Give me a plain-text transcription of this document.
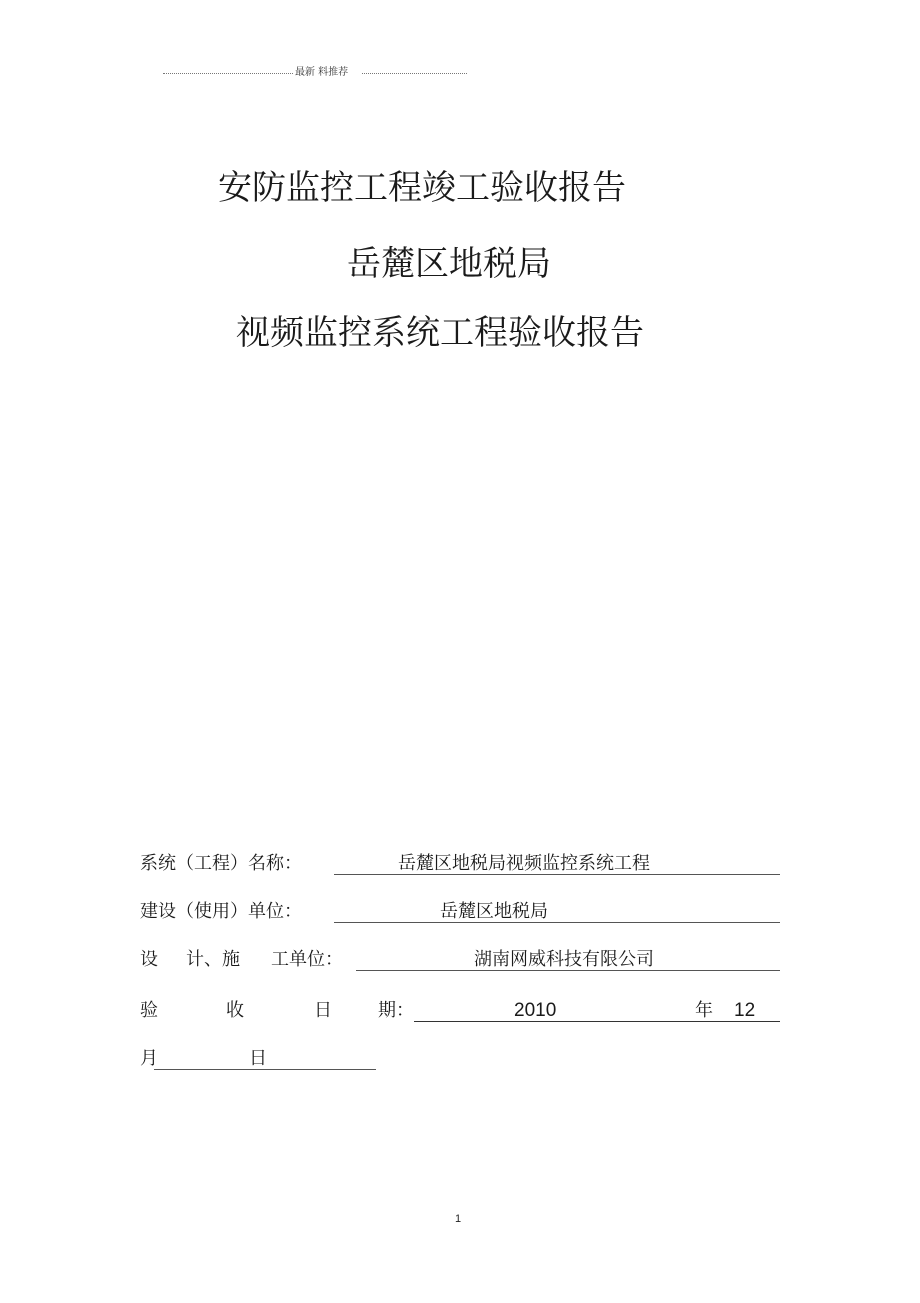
最新 料推荐
安防监控工程竣工验收报告
岳麓区地税局
视频监控系统工程验收报告
系统（工程）名称：	岳麓区地税局视频监控系统工程
建设（使用）单位：	岳麓区地税局
设 计、施 工单位：	湖南网威科技有限公司
验	收	日	期：	2010	年 12
月	日
1
